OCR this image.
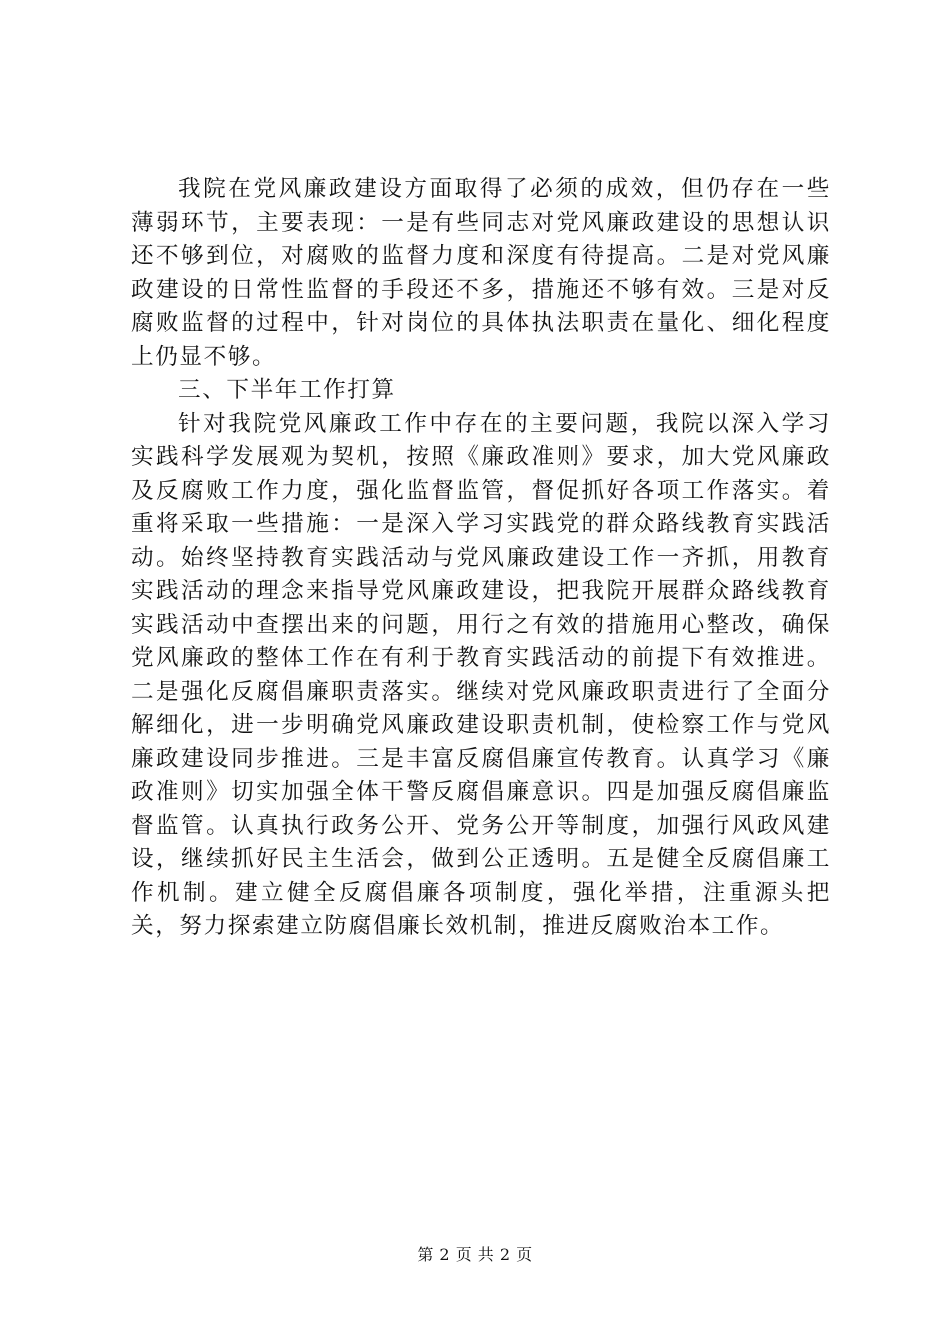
我院在党风廉政建设方面取得了必须的成效，但仍存在一些薄弱环节，主要表现：一是有些同志对党风廉政建设的思想认识还不够到位，对腐败的监督力度和深度有待提高。二是对党风廉政建设的日常性监督的手段还不多，措施还不够有效。三是对反腐败监督的过程中，针对岗位的具体执法职责在量化、细化程度上仍显不够。

三、下半年工作打算

针对我院党风廉政工作中存在的主要问题，我院以深入学习实践科学发展观为契机，按照《廉政准则》要求，加大党风廉政及反腐败工作力度，强化监督监管，督促抓好各项工作落实。着重将采取一些措施：一是深入学习实践党的群众路线教育实践活动。始终坚持教育实践活动与党风廉政建设工作一齐抓，用教育实践活动的理念来指导党风廉政建设，把我院开展群众路线教育实践活动中查摆出来的问题，用行之有效的措施用心整改，确保党风廉政的整体工作在有利于教育实践活动的前提下有效推进。二是强化反腐倡廉职责落实。继续对党风廉政职责进行了全面分解细化，进一步明确党风廉政建设职责机制，使检察工作与党风廉政建设同步推进。三是丰富反腐倡廉宣传教育。认真学习《廉政准则》切实加强全体干警反腐倡廉意识。四是加强反腐倡廉监督监管。认真执行政务公开、党务公开等制度，加强行风政风建设，继续抓好民主生活会，做到公正透明。五是健全反腐倡廉工作机制。建立健全反腐倡廉各项制度，强化举措，注重源头把关，努力探索建立防腐倡廉长效机制，推进反腐败治本工作。

第 2 页 共 2 页
